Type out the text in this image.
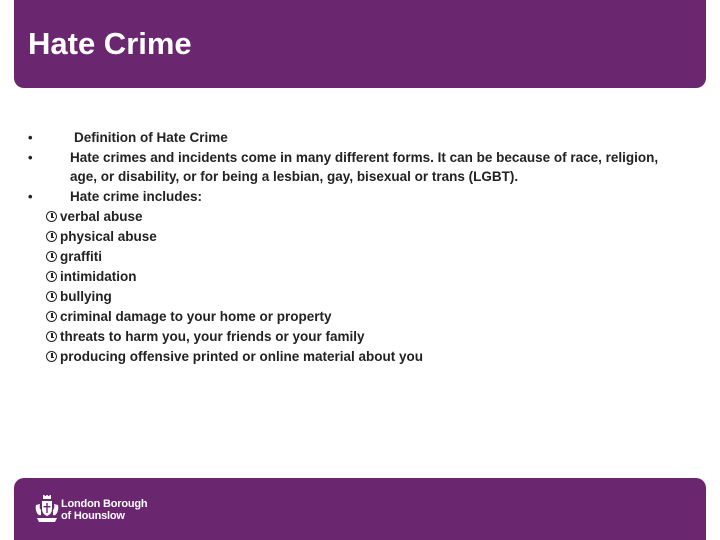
Hate Crime
•	Definition of Hate Crime
•	Hate crimes and incidents come in many different forms. It can be because of race, religion, age, or disability, or for being a lesbian, gay, bisexual or trans (LGBT).
•	Hate crime includes:
verbal abuse
physical abuse
graffiti
intimidation
bullying
criminal damage to your home or property
threats to harm you, your friends or your family
producing offensive printed or online material about you
London Borough
of Hounslow
